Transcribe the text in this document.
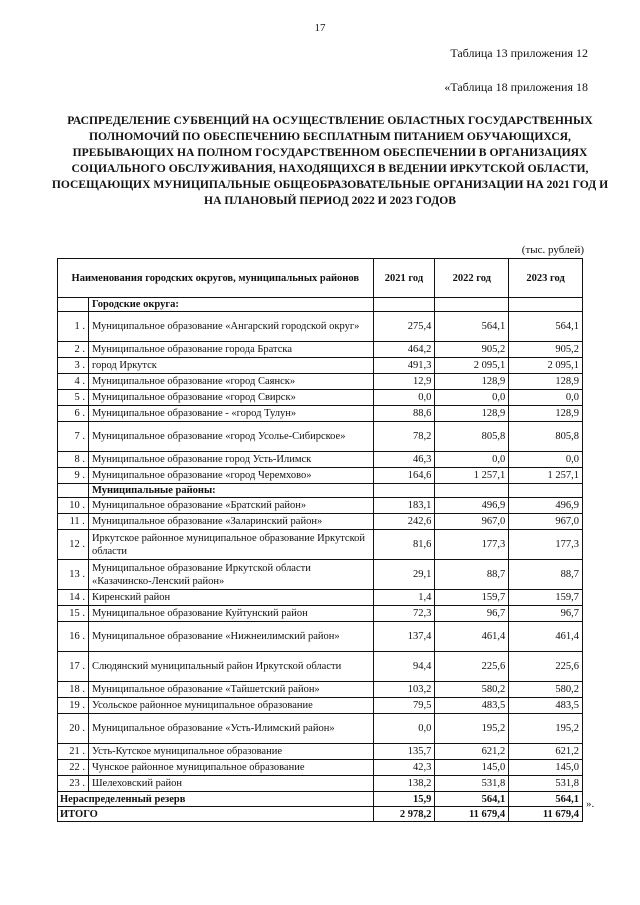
17
Таблица 13 приложения 12
«Таблица 18 приложения 18
РАСПРЕДЕЛЕНИЕ СУБВЕНЦИЙ НА ОСУЩЕСТВЛЕНИЕ ОБЛАСТНЫХ ГОСУДАРСТВЕННЫХ ПОЛНОМОЧИЙ ПО ОБЕСПЕЧЕНИЮ БЕСПЛАТНЫМ ПИТАНИЕМ ОБУЧАЮЩИХСЯ, ПРЕБЫВАЮЩИХ НА ПОЛНОМ ГОСУДАРСТВЕННОМ ОБЕСПЕЧЕНИИ В ОРГАНИЗАЦИЯХ СОЦИАЛЬНОГО ОБСЛУЖИВАНИЯ, НАХОДЯЩИХСЯ В ВЕДЕНИИ ИРКУТСКОЙ ОБЛАСТИ, ПОСЕЩАЮЩИХ МУНИЦИПАЛЬНЫЕ ОБЩЕОБРАЗОВАТЕЛЬНЫЕ ОРГАНИЗАЦИИ НА 2021 ГОД И НА ПЛАНОВЫЙ ПЕРИОД 2022 И 2023 ГОДОВ
(тыс. рублей)
Наименования городских округов, муниципальных районов		2021 год	2022 год	2023 год
	Городские округа:			
1 .	Муниципальное образование «Ангарский городской округ»	275,4	564,1	564,1
2 .	Муниципальное образование города Братска	464,2	905,2	905,2
3 .	город Иркутск	491,3	2 095,1	2 095,1
4 .	Муниципальное образование «город Саянск»	12,9	128,9	128,9
5 .	Муниципальное образование «город Свирск»	0,0	0,0	0,0
6 .	Муниципальное образование - «город Тулун»	88,6	128,9	128,9
7 .	Муниципальное образование «город Усолье-Сибирское»	78,2	805,8	805,8
8 .	Муниципальное образование город Усть-Илимск	46,3	0,0	0,0
9 .	Муниципальное образование «город Черемхово»	164,6	1 257,1	1 257,1
	Муниципальные районы:			
10 .	Муниципальное образование «Братский район»	183,1	496,9	496,9
11 .	Муниципальное образование «Заларинский район»	242,6	967,0	967,0
12 .	Иркутское районное муниципальное образование Иркутской области	81,6	177,3	177,3
13 .	Муниципальное образование Иркутской области «Казачинско-Ленский район»	29,1	88,7	88,7
14 .	Киренский район	1,4	159,7	159,7
15 .	Муниципальное образование Куйтунский район	72,3	96,7	96,7
16 .	Муниципальное образование «Нижнеилимский район»	137,4	461,4	461,4
17 .	Слюдянский муниципальный район Иркутской области	94,4	225,6	225,6
18 .	Муниципальное образование «Тайшетский район»	103,2	580,2	580,2
19 .	Усольское районное муниципальное образование	79,5	483,5	483,5
20 .	Муниципальное образование «Усть-Илимский район»	0,0	195,2	195,2
21 .	Усть-Кутское муниципальное образование	135,7	621,2	621,2
22 .	Чунское районное муниципальное образование	42,3	145,0	145,0
23 .	Шелеховский район	138,2	531,8	531,8
Нераспределенный резерв		15,9	564,1	564,1
ИТОГО		2 978,2	11 679,4	11 679,4
».
